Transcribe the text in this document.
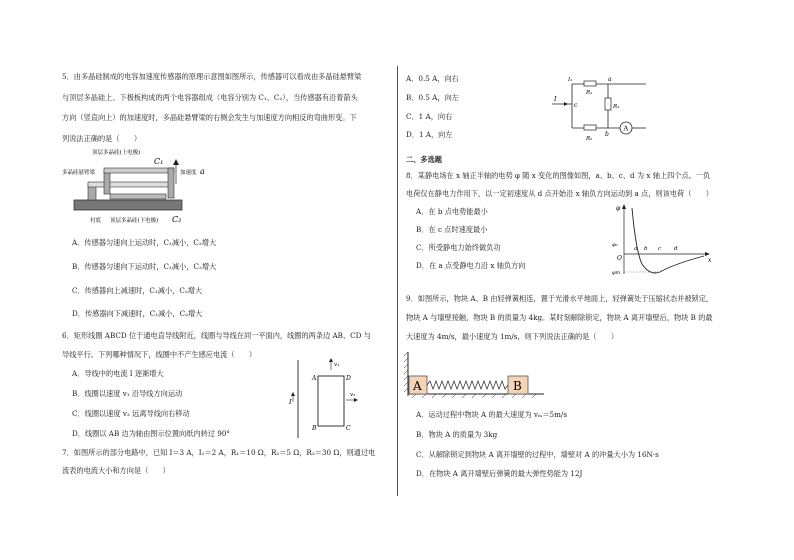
5．由多晶硅制成的电容加速度传感器的原理示意图如图所示，传感器可以看成由多晶硅悬臂梁
与顶层多晶硅上、下极板构成的两个电容器组成（电容分别为 C₁、C₂），当传感器有沿着箭头
方向（竖直向上）的加速度时，多晶硅悬臂梁的右侧会发生与加速度方向相反的弯曲形变。下
列说法正确的是（　　）
顶层多晶硅(上电极)
多晶硅悬臂梁
C₁
加速度 a
C₂
衬底 顶层多晶硅(下电极)
A．传感器匀速向上运动时，C₁减小，C₂增大
B．传感器匀速向下运动时，C₁减小，C₂增大
C．传感器向上减速时，C₁减小，C₂增大
D．传感器向下减速时，C₁减小，C₂增大
6．矩形线圈 ABCD 位于通电直导线附近，线圈与导线在同一平面内，线圈的两条边 AB、CD 与
导线平行。下列哪种情况下，线圈中不产生感应电流（　　）
A．导线中的电流 I 逐渐增大
B．线圈以速度 v₁ 沿导线方向运动
C．线圈以速度 v₂ 远离导线向右移动
D．线圈以 AB 边为轴由图示位置向纸内转过 90°
I
A	D
B	C
v₁
v₂
7．如图所示的部分电路中，已知 I＝3 A，I₁＝2 A，R₁＝10 Ω，R₂＝5 Ω，R₃＝30 Ω，则通过电
流表的电流大小和方向是（　　）
A．0.5 A，向右
B．0.5 A，向左
C．1 A，向右
D．1 A，向左
I
c
I₁
R₁
a
R₃
R₂
b
A
二、多选题
8．某静电场在 x 轴正半轴的电势 φ 随 x 变化的图像如图，a、b、c、d 为 x 轴上四个点。一负
电荷仅在静电力作用下，以一定初速度从 d 点开始沿 x 轴负方向运动到 a 点，则该电荷（　　）
A．在 b 点电势能最小
B．在 c 点时速度最小
C．所受静电力始终做负功
D．在 a 点受静电力沿 x 轴负方向
φ
x
O
φ₀
φm
a b c d
9．如图所示，物块 A、B 由轻弹簧相连，置于光滑水平地面上，轻弹簧处于压缩状态并被锁定，
物块 A 与墙壁接触，物块 B 的质量为 4kg。某时刻解除锁定，物块 A 离开墙壁后，物块 B 的最
大速度为 4m/s，最小速度为 1m/s，则下列说法正确的是（　　）
A	B
A．运动过程中物块 A 的最大速度为 vₘ＝5m/s
B．物块 A 的质量为 3kg
C．从解除锁定到物块 A 离开墙壁的过程中，墙壁对 A 的冲量大小为 16N·s
D．在物块 A 离开墙壁后弹簧的最大弹性势能为 12J
